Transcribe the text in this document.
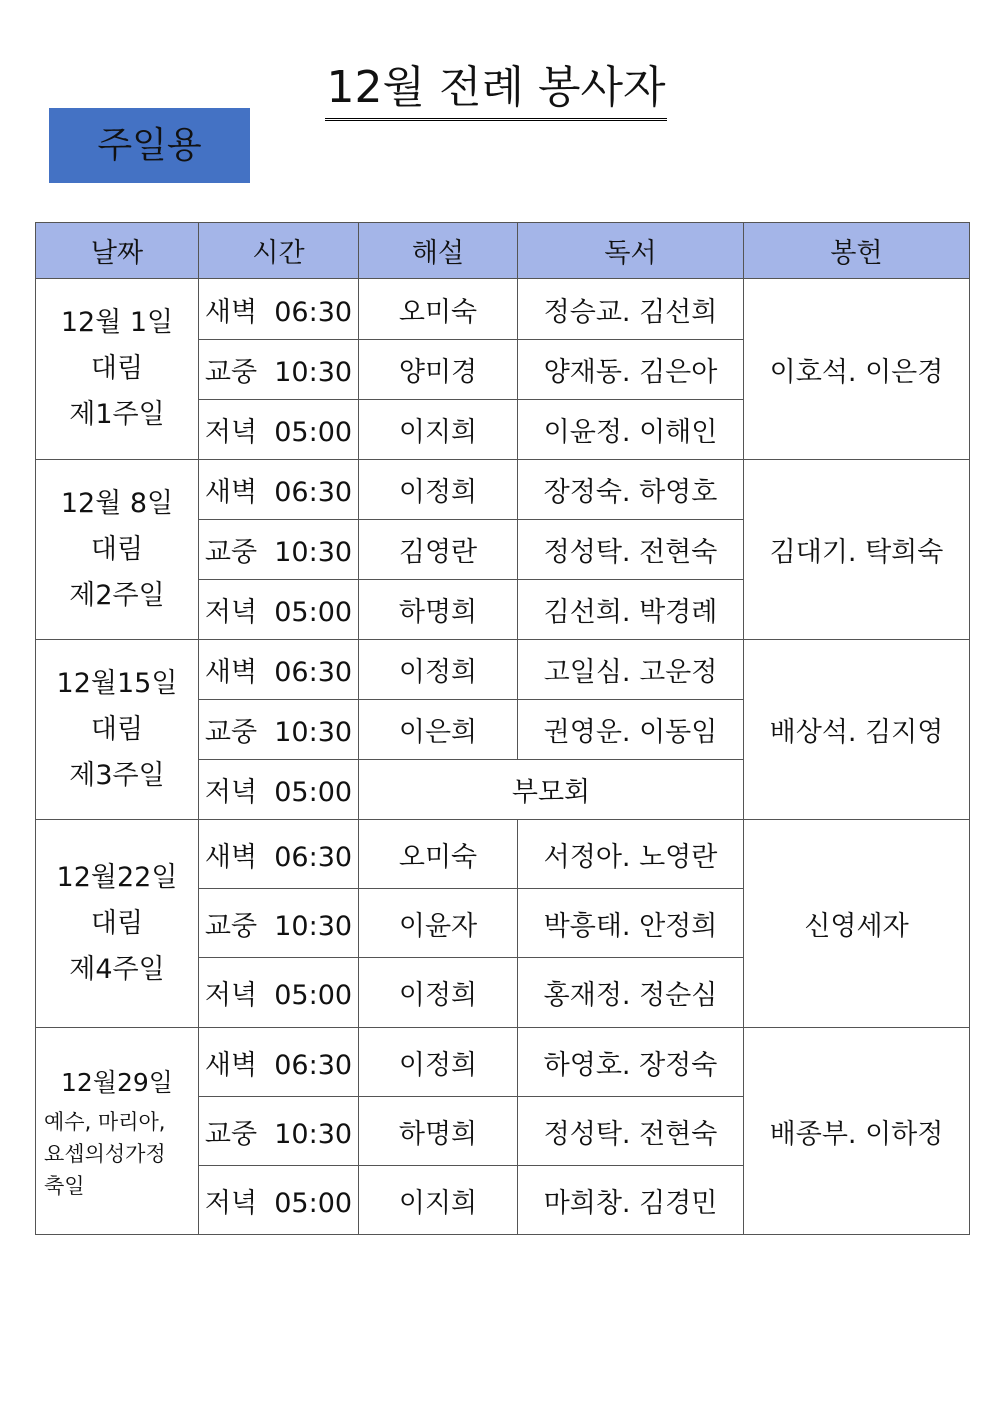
12월 전례 봉사자
주일용
날짜	시간	해설	독서	봉헌

12월 1일
대림
제1주일	새벽  06:30	오미숙	정승교. 김선희	이호석. 이은경
	교중  10:30	양미경	양재동. 김은아	
	저녁  05:00	이지희	이윤정. 이해인	

12월 8일
대림
제2주일	새벽  06:30	이정희	장정숙. 하영호	김대기. 탁희숙
	교중  10:30	김영란	정성탁. 전현숙	
	저녁  05:00	하명희	김선희. 박경례	

12월15일
대림
제3주일	새벽  06:30	이정희	고일심. 고운정	배상석. 김지영
	교중  10:30	이은희	권영운. 이동임	
	저녁  05:00	부모회		

12월22일
대림
제4주일	새벽  06:30	오미숙	서정아. 노영란	신영세자
	교중  10:30	이윤자	박흥태. 안정희	
	저녁  05:00	이정희	홍재정. 정순심	

12월29일
예수, 마리아,
요셉의성가정
축일	새벽  06:30	이정희	하영호. 장정숙	배종부. 이하정
	교중  10:30	하명희	정성탁. 전현숙	
	저녁  05:00	이지희	마희창. 김경민	
